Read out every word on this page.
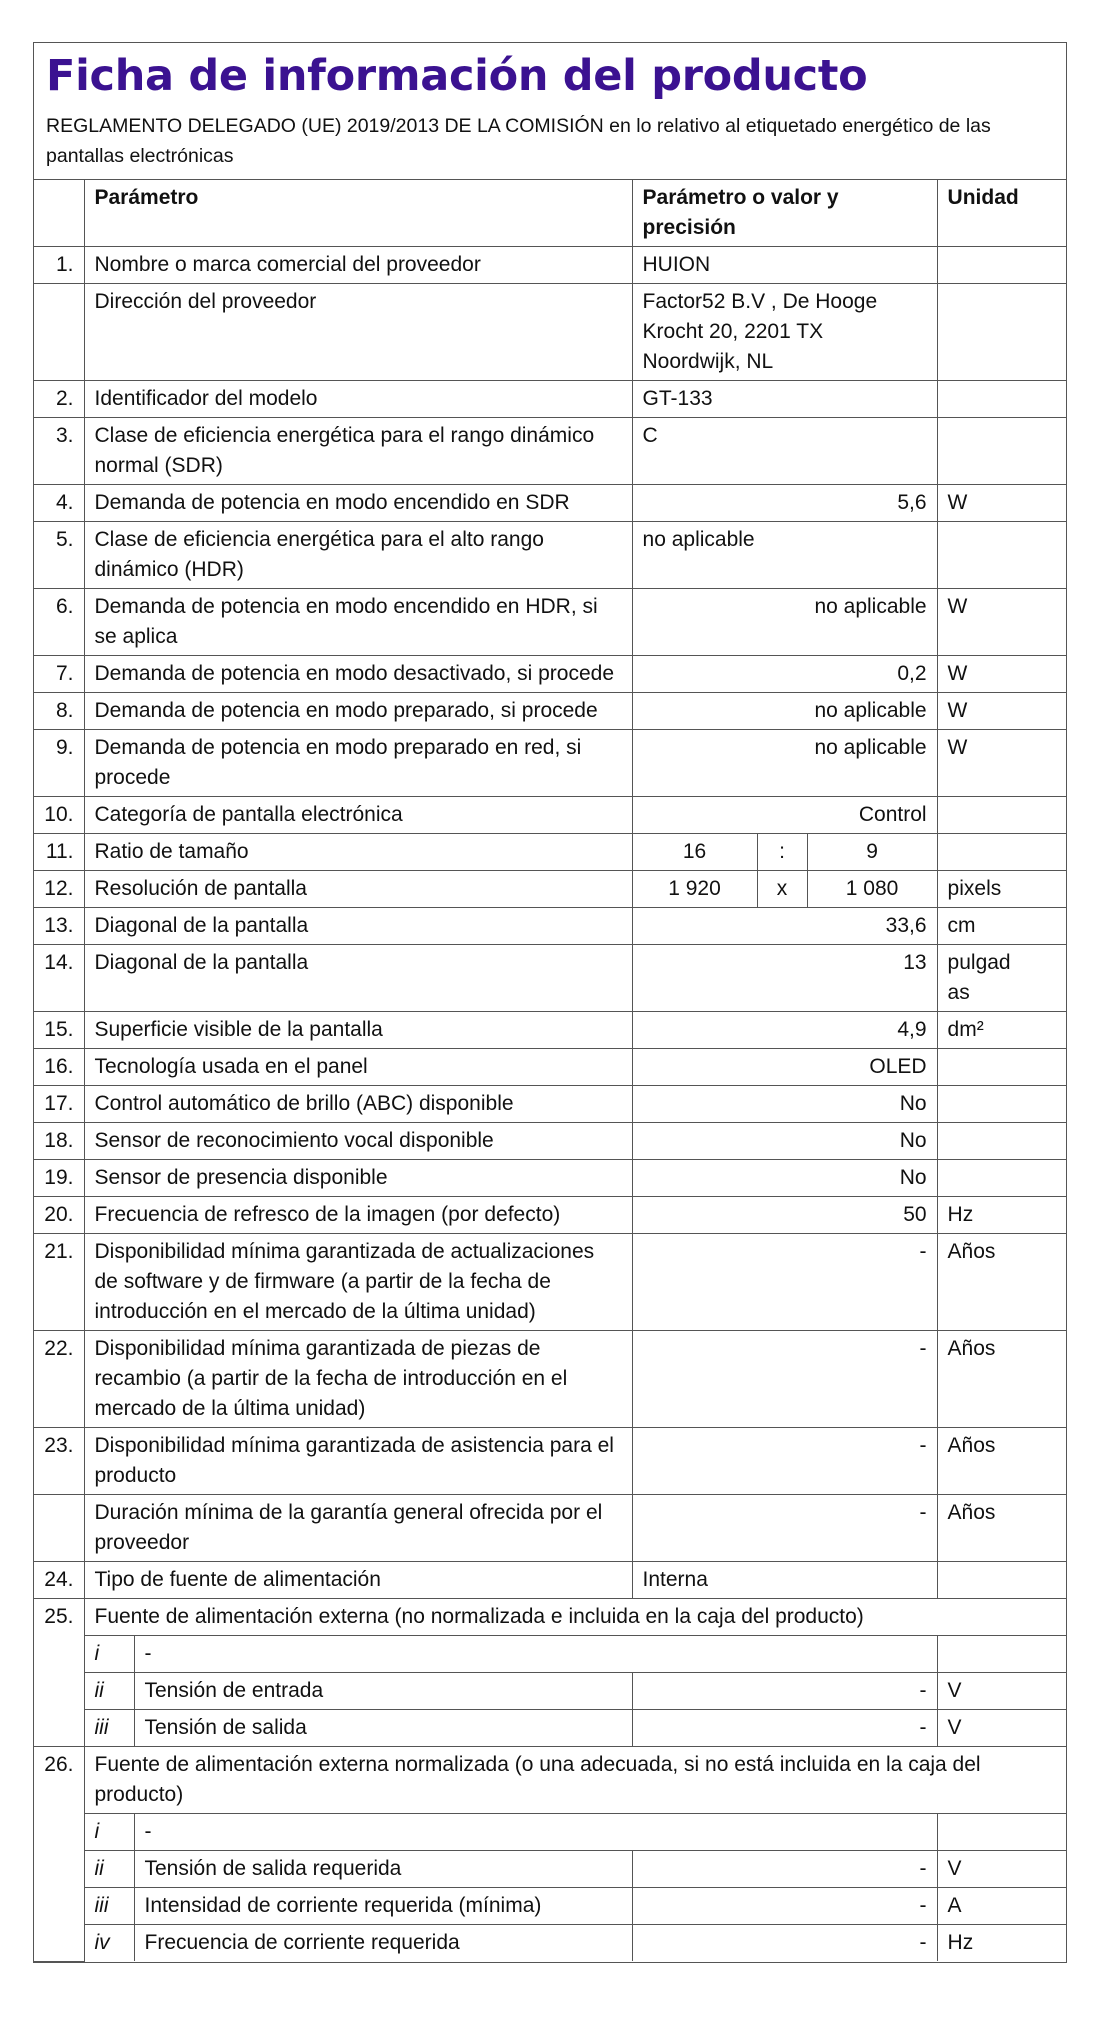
Ficha de información del producto
REGLAMENTO DELEGADO (UE) 2019/2013 DE LA COMISIÓN en lo relativo al etiquetado energético de las pantallas electrónicas
	Parámetro		Parámetro o valor y precisión			Unidad
1.	Nombre o marca comercial del proveedor		HUION			
	Dirección del proveedor		Factor52 B.V , De Hooge Krocht 20, 2201 TX Noordwijk, NL			
2.	Identificador del modelo		GT-133			
3.	Clase de eficiencia energética para el rango dinámico normal (SDR)		C			
4.	Demanda de potencia en modo encendido en SDR		5,6			W
5.	Clase de eficiencia energética para el alto rango dinámico (HDR)		no aplicable			
6.	Demanda de potencia en modo encendido en HDR, si se aplica		no aplicable			W
7.	Demanda de potencia en modo desactivado, si procede		0,2			W
8.	Demanda de potencia en modo preparado, si procede		no aplicable			W
9.	Demanda de potencia en modo preparado en red, si procede		no aplicable			W
10.	Categoría de pantalla electrónica		Control			
11.	Ratio de tamaño		16	:	9	
12.	Resolución de pantalla		1 920	x	1 080	pixels
13.	Diagonal de la pantalla		33,6			cm
14.	Diagonal de la pantalla		13			pulgadas
15.	Superficie visible de la pantalla		4,9			dm²
16.	Tecnología usada en el panel		OLED			
17.	Control automático de brillo (ABC) disponible		No			
18.	Sensor de reconocimiento vocal disponible		No			
19.	Sensor de presencia disponible		No			
20.	Frecuencia de refresco de la imagen (por defecto)		50			Hz
21.	Disponibilidad mínima garantizada de actualizaciones de software y de firmware (a partir de la fecha de introducción en el mercado de la última unidad)		-			Años
22.	Disponibilidad mínima garantizada de piezas de recambio (a partir de la fecha de introducción en el mercado de la última unidad)		-			Años
23.	Disponibilidad mínima garantizada de asistencia para el producto		-			Años
	Duración mínima de la garantía general ofrecida por el proveedor		-			Años
24.	Tipo de fuente de alimentación		Interna			
25.	Fuente de alimentación externa (no normalizada e incluida en la caja del producto)					
	i	-				
	ii	Tensión de entrada	-			V
	iii	Tensión de salida	-			V
26.	Fuente de alimentación externa normalizada (o una adecuada, si no está incluida en la caja del producto)					
	i	-				
	ii	Tensión de salida requerida	-			V
	iii	Intensidad de corriente requerida (mínima)	-			A
	iv	Frecuencia de corriente requerida	-			Hz
